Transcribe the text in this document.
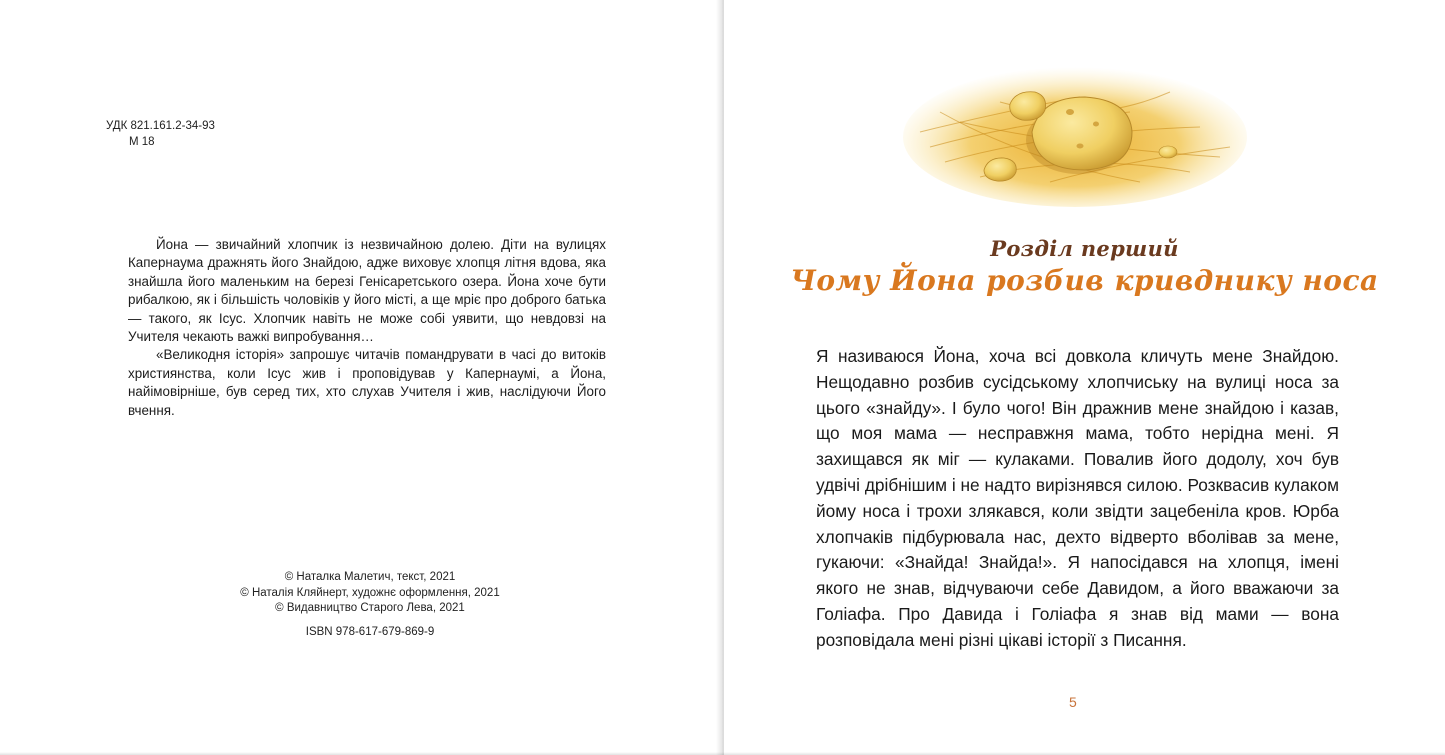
УДК 821.161.2-34-93
М 18

Йона — звичайний хлопчик із незвичайною долею. Діти на вулицях Капернаума дражнять його Знайдою, адже виховує хлопця літня вдова, яка знайшла його маленьким на березі Генісаретського озера. Йона хоче бути рибалкою, як і більшість чоловіків у його місті, а ще мріє про доброго батька — такого, як Ісус. Хлопчик навіть не може собі уявити, що невдовзі на Учителя чекають важкі випробування…

«Великодня історія» запрошує читачів помандрувати в часі до витоків християнства, коли Ісус жив і проповідував у Капернаумі, а Йона, найімовірніше, був серед тих, хто слухав Учителя і жив, наслідуючи Його вчення.

© Наталка Малетич, текст, 2021
© Наталія Кляйнерт, художнє оформлення, 2021
© Видавництво Старого Лева, 2021
ISBN 978-617-679-869-9
Розділ перший
Чому Йона розбив кривднику носа

Я називаюся Йона, хоча всі довкола кличуть мене Знайдою. Нещодавно розбив сусідському хлопчиську на вулиці носа за цього «знайду». І було чого! Він дражнив мене знайдою і казав, що моя мама — несправжня мама, тобто нерідна мені. Я захищався як міг — кулаками. Повалив його додолу, хоч був удвічі дрібнішим і не надто вирізнявся силою. Розквасив кулаком йому носа і трохи злякався, коли звідти зацебеніла кров. Юрба хлопчаків підбурювала нас, дехто відверто вболівав за мене, гукаючи: «Знайда! Знайда!». Я напосідався на хлопця, імені якого не знав, відчуваючи себе Давидом, а його вважаючи за Голіафа. Про Давида і Голіафа я знав від мами — вона розповідала мені різні цікаві історії з Писання.

5
